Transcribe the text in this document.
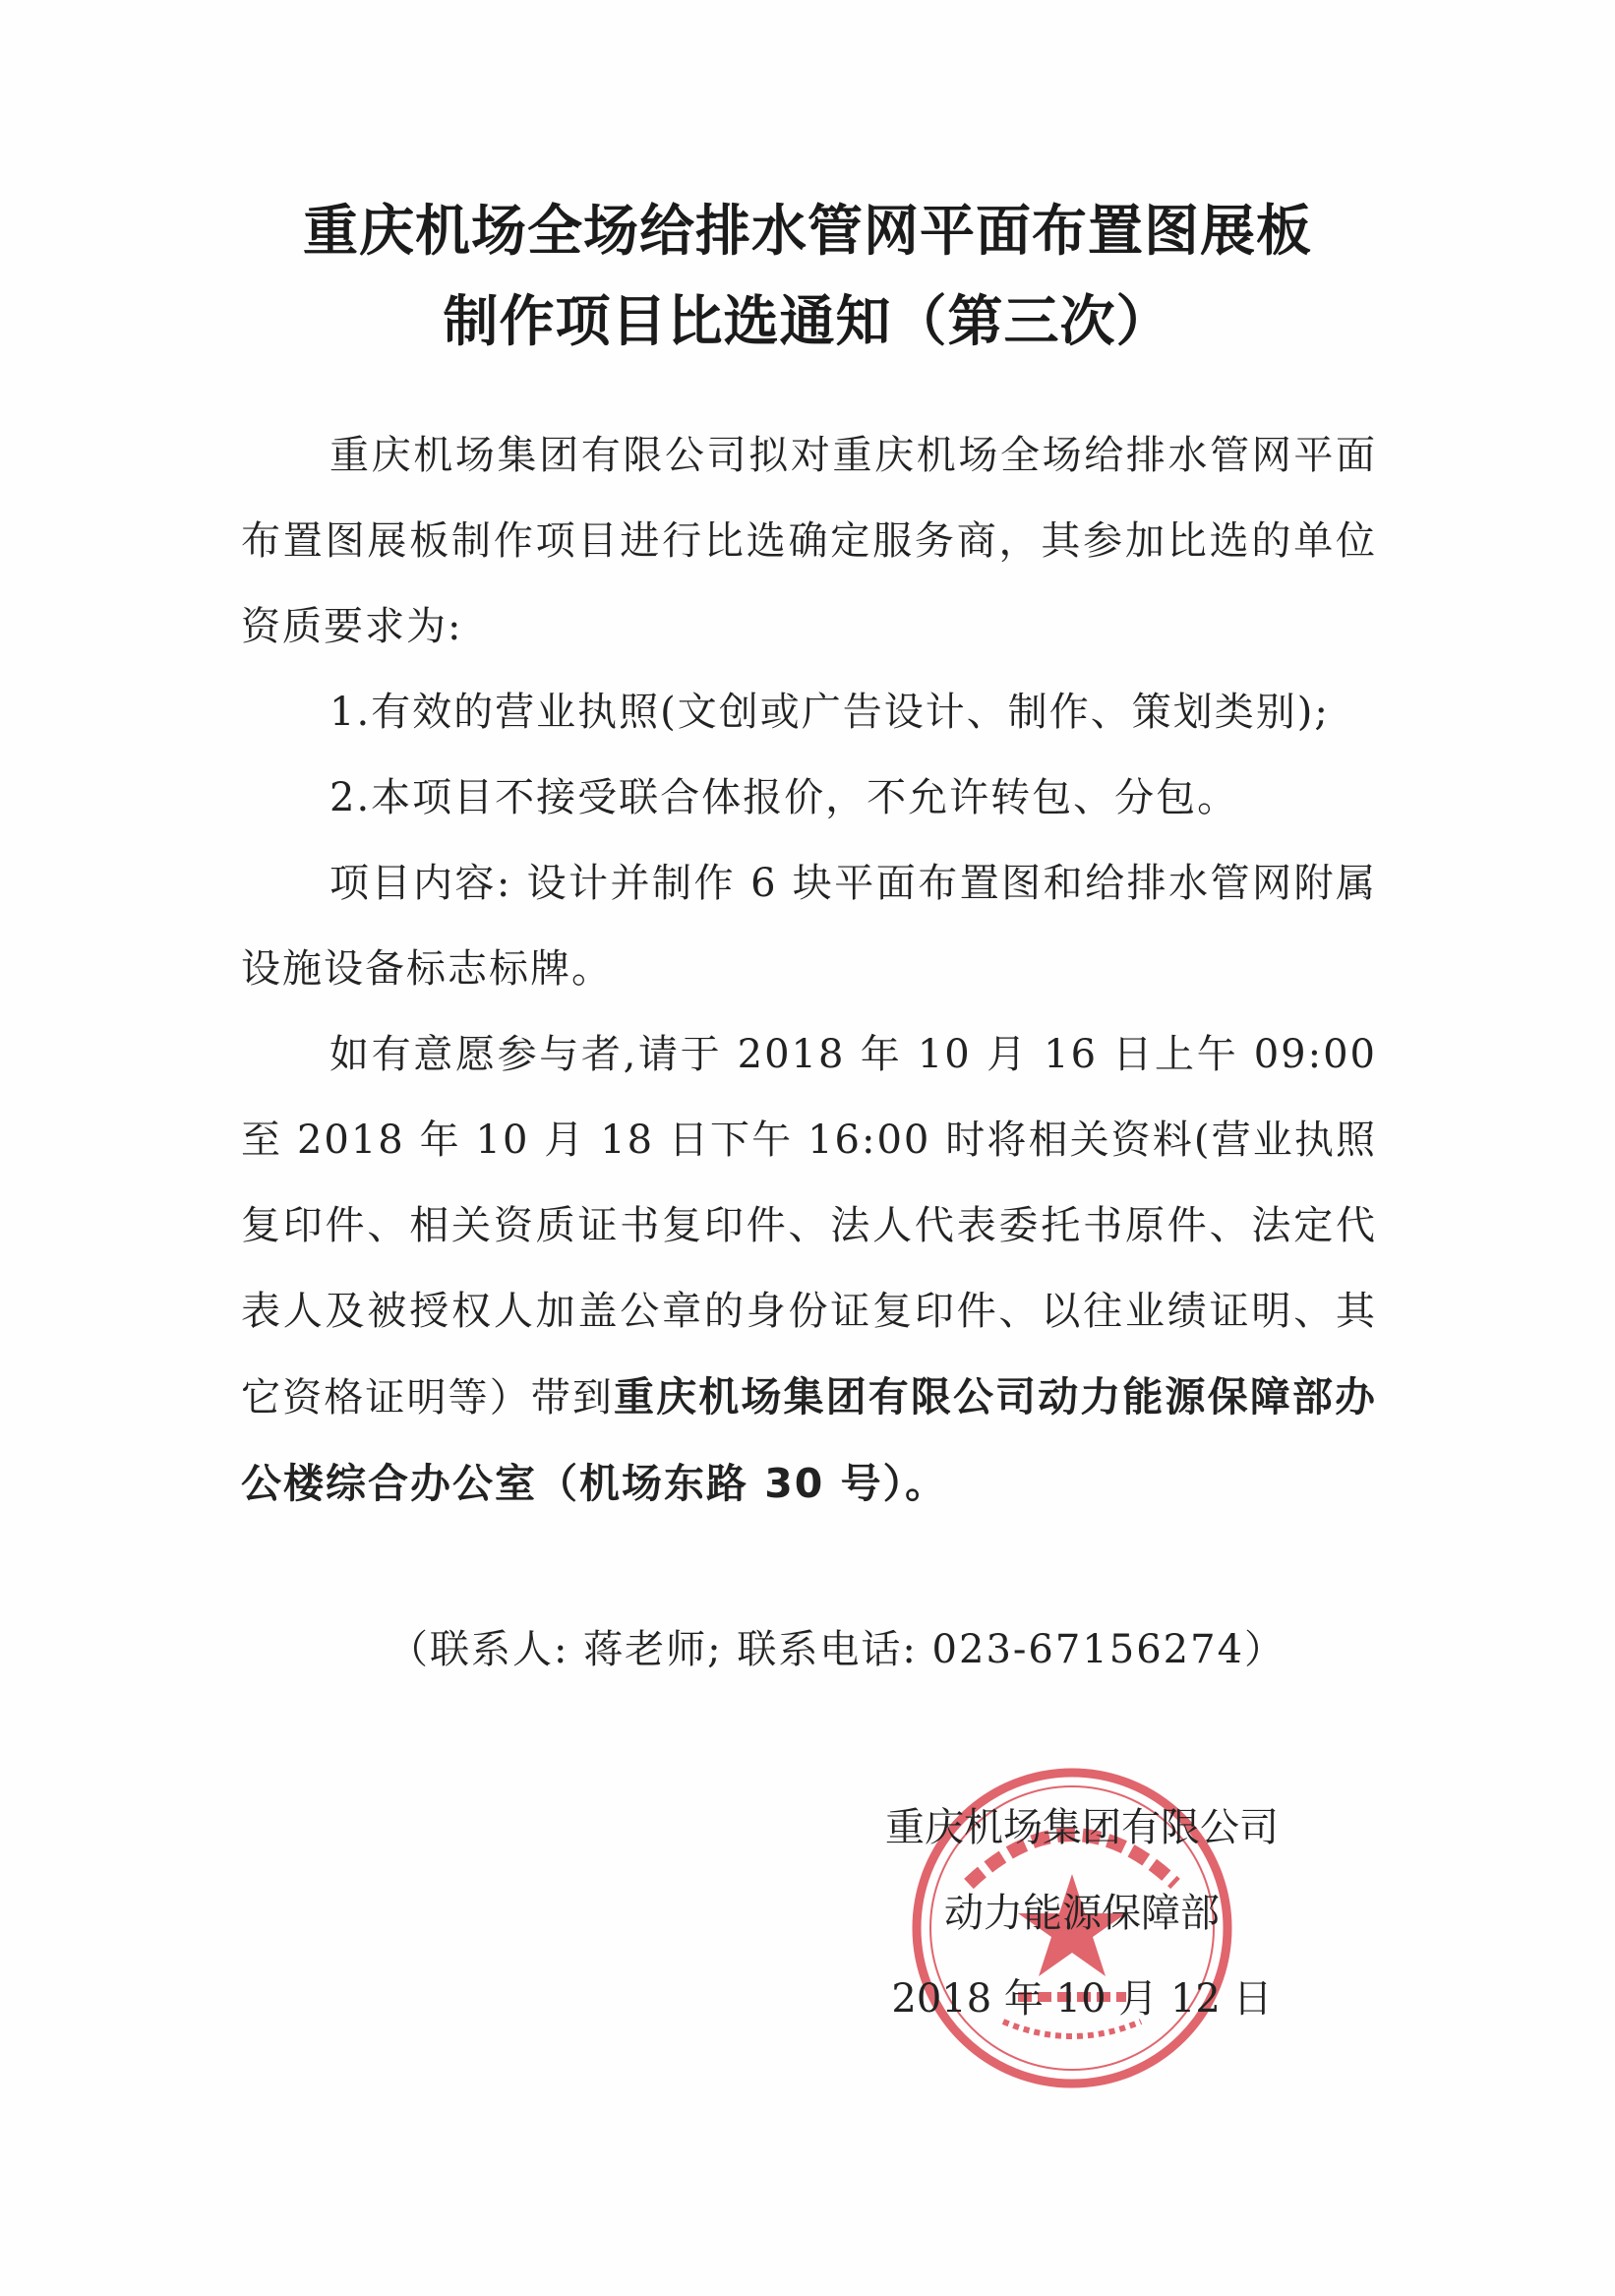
重庆机场全场给排水管网平面布置图展板
制作项目比选通知（第三次）

重庆机场集团有限公司拟对重庆机场全场给排水管网平面布置图展板制作项目进行比选确定服务商，其参加比选的单位资质要求为:

1.有效的营业执照(文创或广告设计、制作、策划类别);

2.本项目不接受联合体报价，不允许转包、分包。

项目内容: 设计并制作 6 块平面布置图和给排水管网附属设施设备标志标牌。

如有意愿参与者,请于 2018 年 10 月 16 日上午 09:00 至 2018 年 10 月 18 日下午 16:00 时将相关资料(营业执照复印件、相关资质证书复印件、法人代表委托书原件、法定代表人及被授权人加盖公章的身份证复印件、以往业绩证明、其它资格证明等）带到重庆机场集团有限公司动力能源保障部办公楼综合办公室（机场东路 30 号）。

（联系人: 蒋老师; 联系电话: 023-67156274）
重庆机场集团有限公司
动力能源保障部
2018 年 10 月 12 日
